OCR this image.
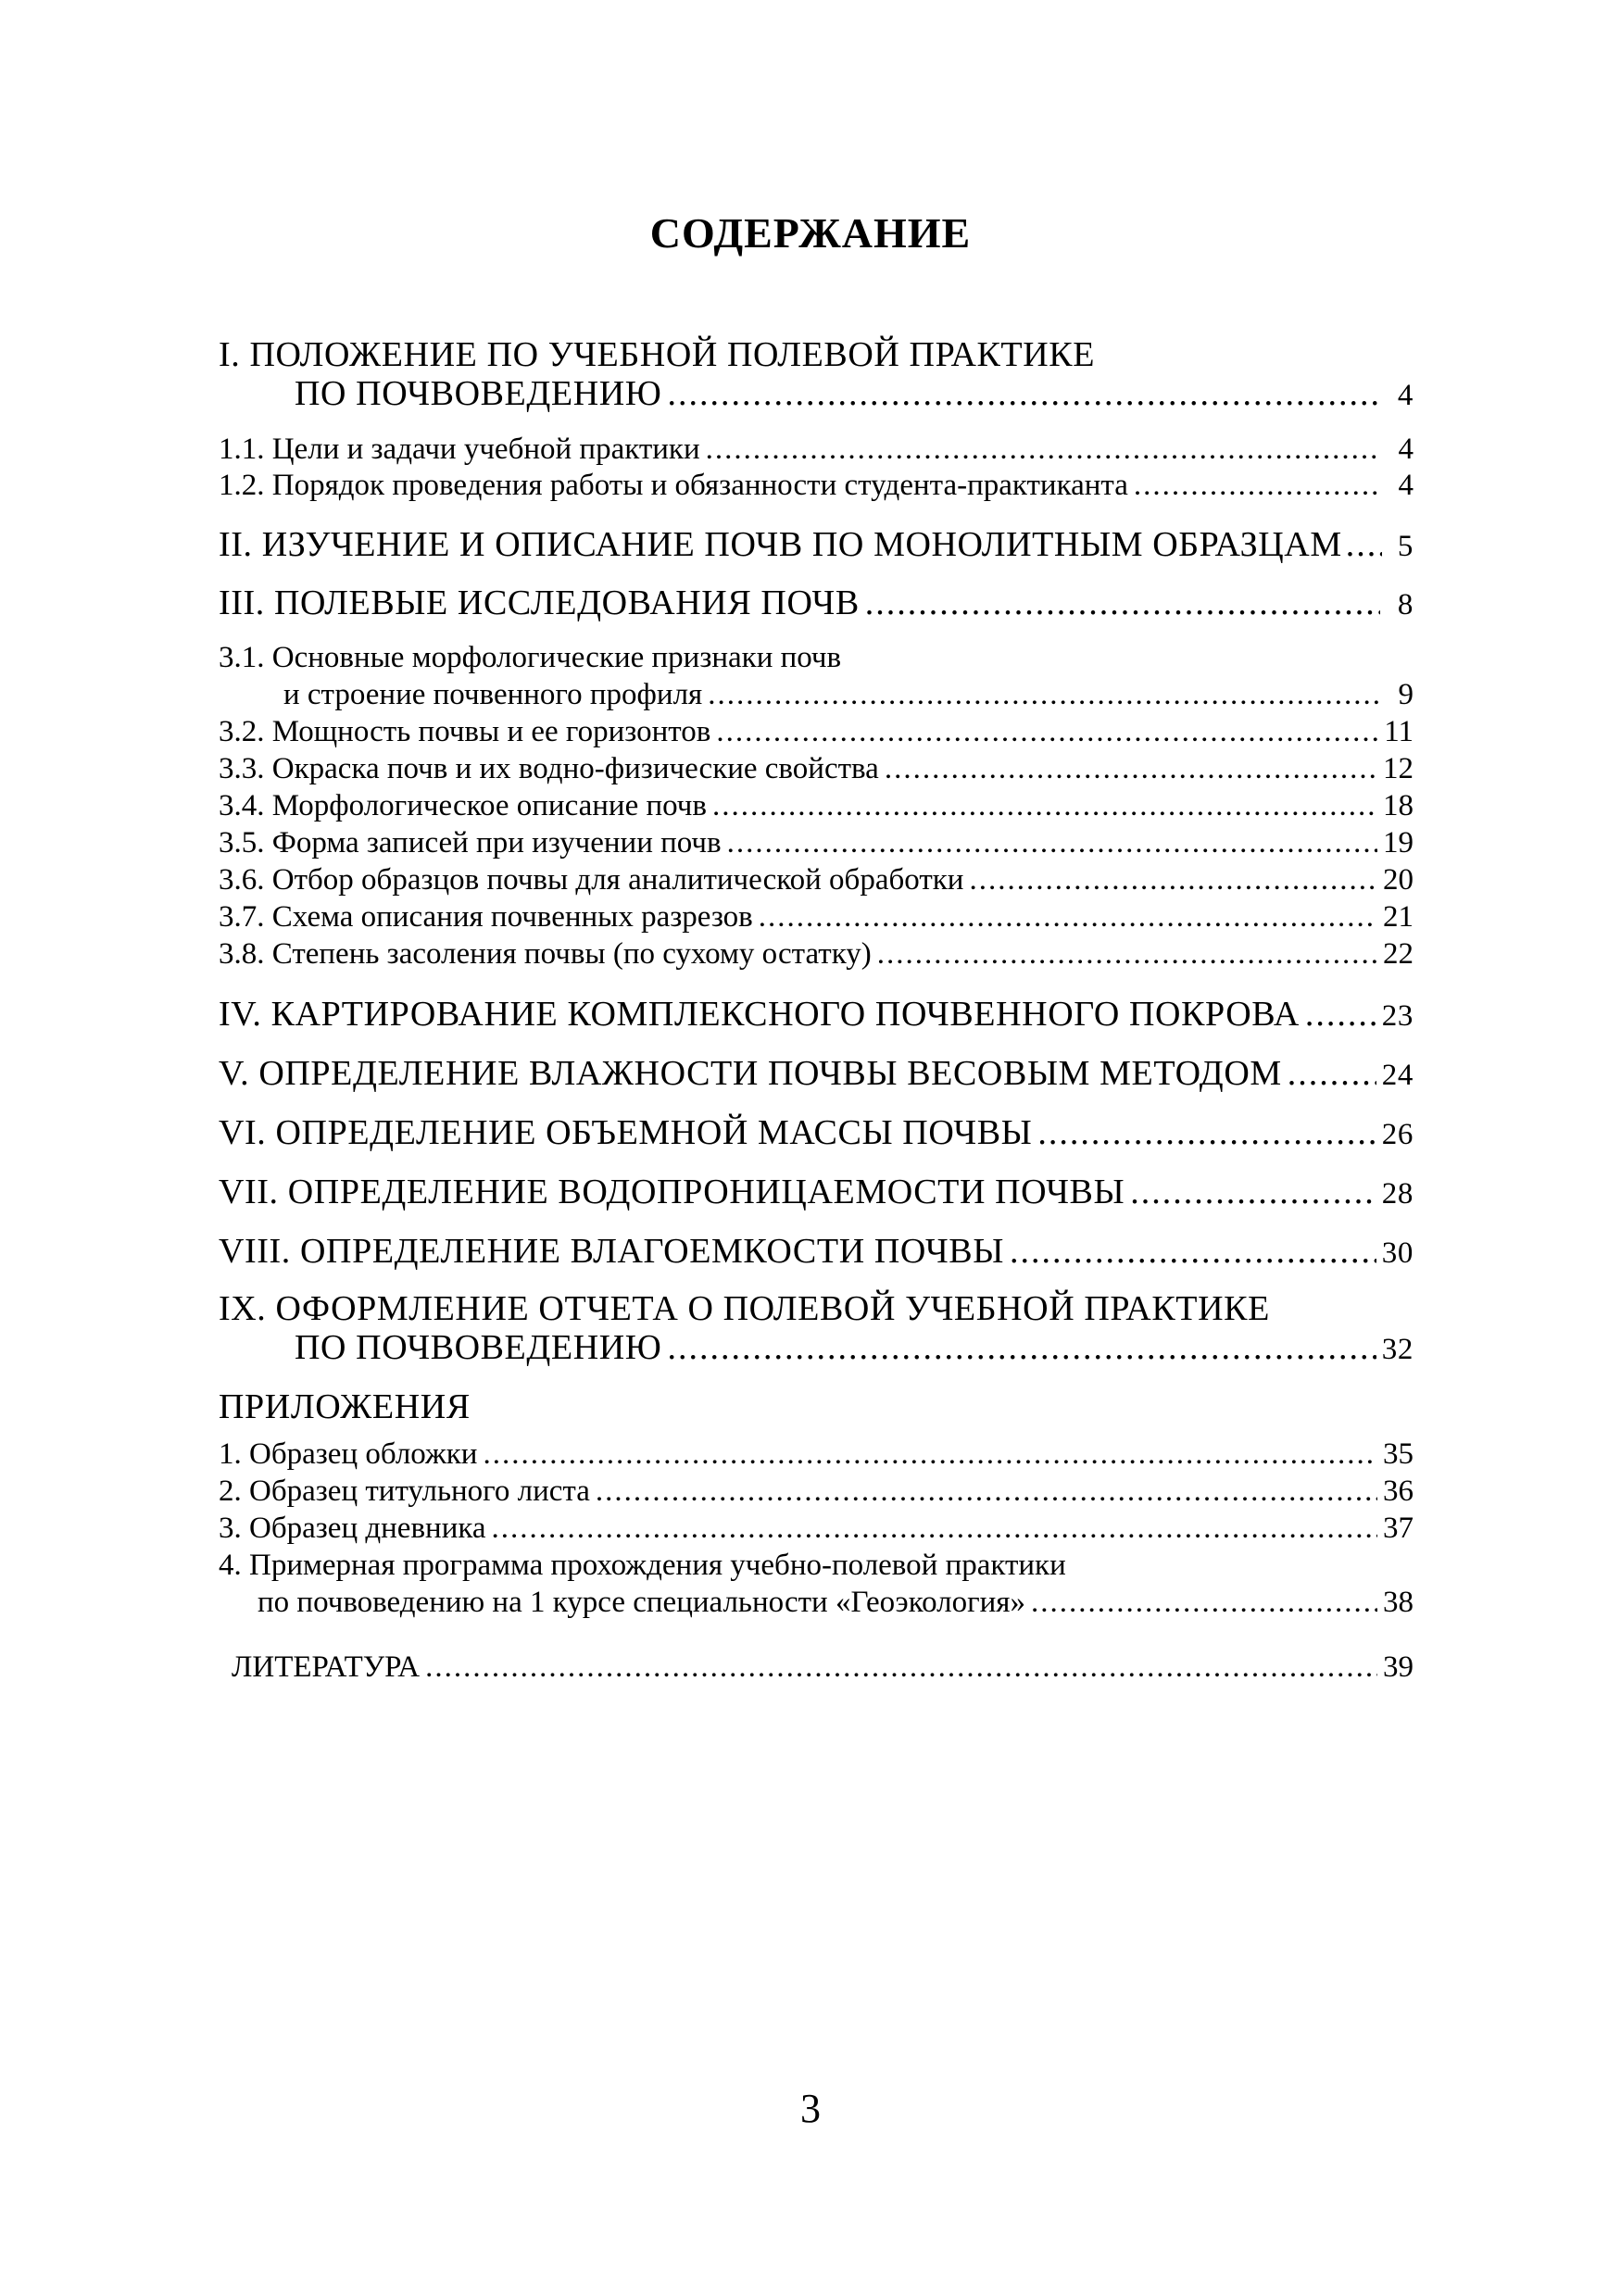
СОДЕРЖАНИЕ
I. ПОЛОЖЕНИЕ ПО УЧЕБНОЙ ПОЛЕВОЙ ПРАКТИКЕ
ПО ПОЧВОВЕДЕНИЮ .....	4
1.1. Цели и задачи учебной практики .....	4
1.2. Порядок проведения работы и обязанности студента-практиканта .....	4
II. ИЗУЧЕНИЕ И ОПИСАНИЕ ПОЧВ ПО МОНОЛИТНЫМ ОБРАЗЦАМ .....	5
III. ПОЛЕВЫЕ ИССЛЕДОВАНИЯ ПОЧВ .....	8
3.1. Основные морфологические признаки почв
и строение почвенного профиля .....	9
3.2. Мощность почвы и ее горизонтов .....	11
3.3. Окраска почв и их водно-физические свойства .....	12
3.4. Морфологическое описание почв .....	18
3.5. Форма записей при изучении почв .....	19
3.6. Отбор образцов почвы для аналитической обработки .....	20
3.7. Схема описания почвенных разрезов .....	21
3.8. Степень засоления почвы (по сухому остатку) .....	22
IV. КАРТИРОВАНИЕ КОМПЛЕКСНОГО ПОЧВЕННОГО ПОКРОВА .....	23
V. ОПРЕДЕЛЕНИЕ ВЛАЖНОСТИ ПОЧВЫ ВЕСОВЫМ МЕТОДОМ .....	24
VI. ОПРЕДЕЛЕНИЕ ОБЪЕМНОЙ МАССЫ ПОЧВЫ .....	26
VII. ОПРЕДЕЛЕНИЕ ВОДОПРОНИЦАЕМОСТИ ПОЧВЫ .....	28
VIII. ОПРЕДЕЛЕНИЕ ВЛАГОЕМКОСТИ ПОЧВЫ .....	30
IX. ОФОРМЛЕНИЕ ОТЧЕТА О ПОЛЕВОЙ УЧЕБНОЙ ПРАКТИКЕ
ПО ПОЧВОВЕДЕНИЮ .....	32
ПРИЛОЖЕНИЯ
1. Образец обложки .....	35
2. Образец титульного листа .....	36
3. Образец дневника .....	37
4. Примерная программа прохождения учебно-полевой практики
по почвоведению на 1 курсе специальности «Геоэкология» .....	38
ЛИТЕРАТУРА .....	39
3
